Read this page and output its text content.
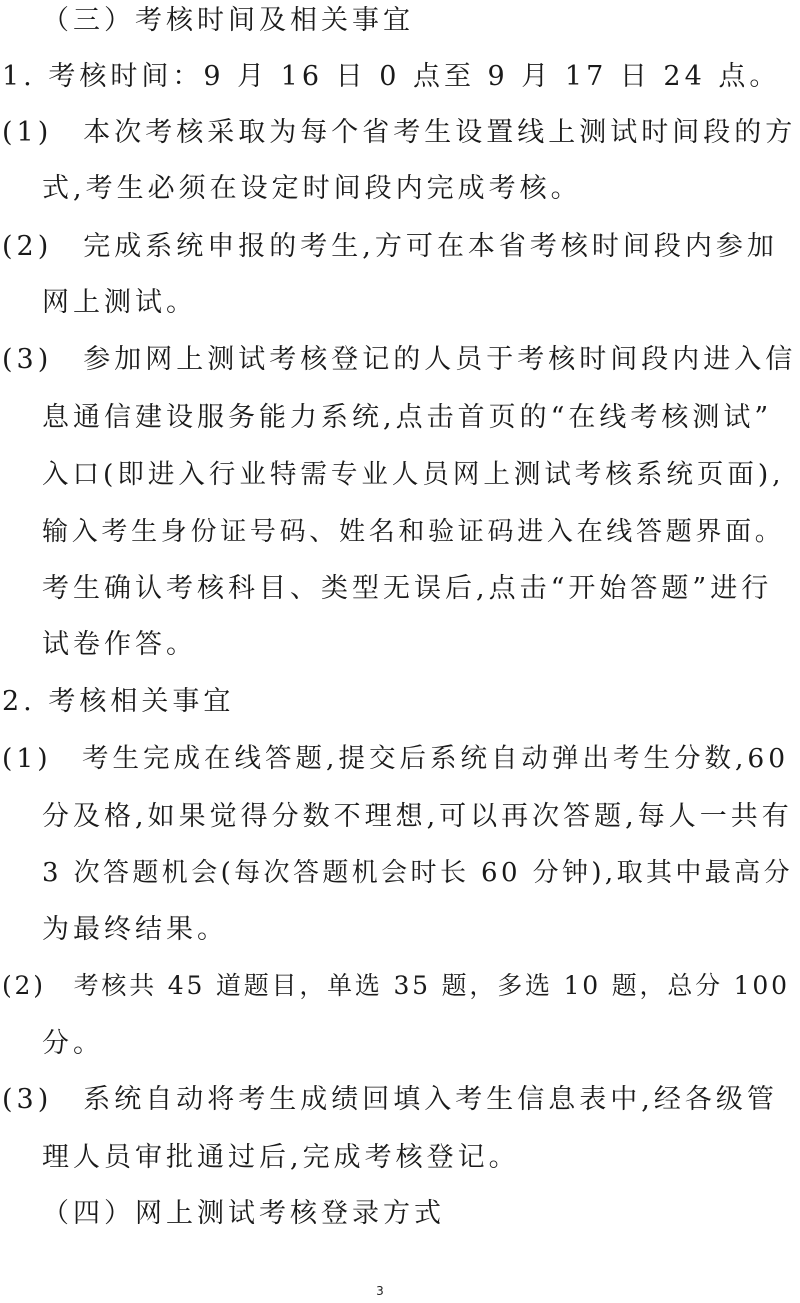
（三）考核时间及相关事宜
1. 考核时间：9 月 16 日 0 点至 9 月 17 日 24 点。
(1)　本次考核采取为每个省考生设置线上测试时间段的方
式,考生必须在设定时间段内完成考核。
(2)　完成系统申报的考生,方可在本省考核时间段内参加
网上测试。
(3)　参加网上测试考核登记的人员于考核时间段内进入信
息通信建设服务能力系统,点击首页的“在线考核测试”
入口(即进入行业特需专业人员网上测试考核系统页面),
输入考生身份证号码、姓名和验证码进入在线答题界面。
考生确认考核科目、类型无误后,点击“开始答题”进行
试卷作答。
2. 考核相关事宜
(1)　考生完成在线答题,提交后系统自动弹出考生分数,60
分及格,如果觉得分数不理想,可以再次答题,每人一共有
3 次答题机会(每次答题机会时长 60 分钟),取其中最高分
为最终结果。
(2)　考核共 45 道题目，单选 35 题，多选 10 题，总分 100
分。
(3)　系统自动将考生成绩回填入考生信息表中,经各级管
理人员审批通过后,完成考核登记。
（四）网上测试考核登录方式
3
